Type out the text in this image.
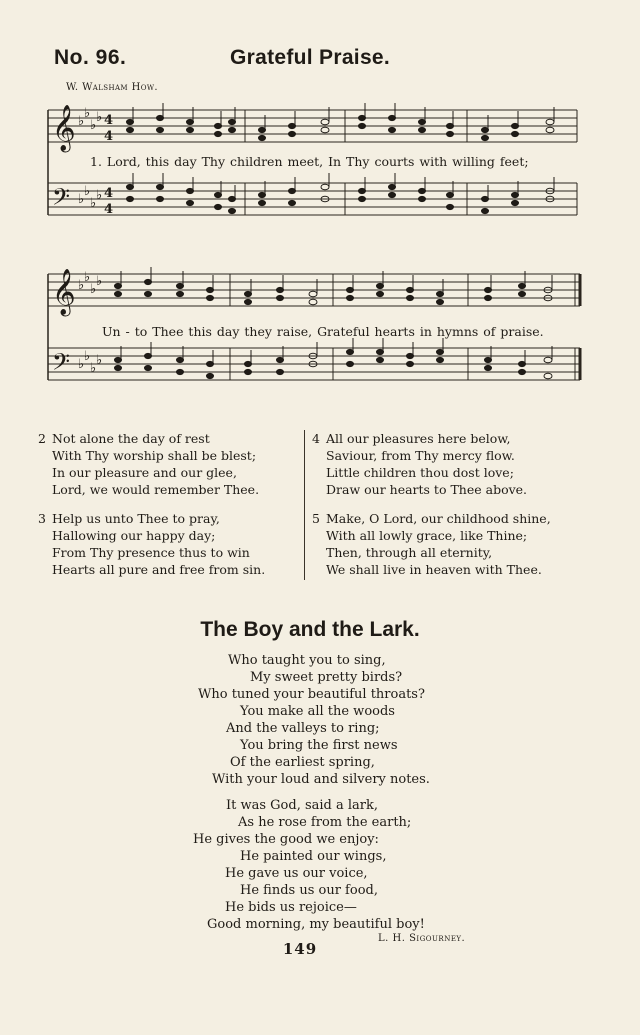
No. 96.	Grateful Praise.
W. Walsham How.
𝄞
𝄢
♭
♭
♭
♭
♭
♭
♭
♭
4
4
4
4
1. Lord, this day Thy children meet, In Thy courts with willing feet;
𝄞
𝄢
♭
♭
♭
♭
♭
♭
♭
♭
Un - to Thee this day they raise, Grateful hearts in hymns of praise.
2 Not alone the day of rest
With Thy worship shall be blest;
In our pleasure and our glee,
Lord, we would remember Thee.
3 Help us unto Thee to pray,
Hallowing our happy day;
From Thy presence thus to win
Hearts all pure and free from sin.
4 All our pleasures here below,
Saviour, from Thy mercy flow.
Little children thou dost love;
Draw our hearts to Thee above.
5 Make, O Lord, our childhood shine,
With all lowly grace, like Thine;
Then, through all eternity,
We shall live in heaven with Thee.
The Boy and the Lark.
Who taught you to sing,
My sweet pretty birds?
Who tuned your beautiful throats?
You make all the woods
And the valleys to ring;
You bring the first news
Of the earliest spring,
With your loud and silvery notes.
It was God, said a lark,
As he rose from the earth;
He gives the good we enjoy:
He painted our wings,
He gave us our voice,
He finds us our food,
He bids us rejoice—
Good morning, my beautiful boy!
L. H. Sigourney.
149
